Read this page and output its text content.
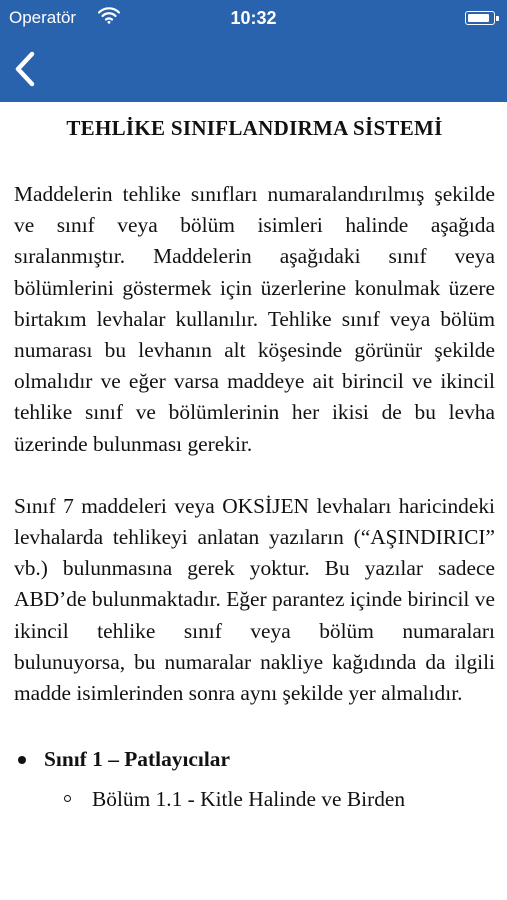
Operatör	10:32
TEHLİKE SINIFLANDIRMA SİSTEMİ

Maddelerin tehlike sınıfları numaralandırılmış şekilde ve sınıf veya bölüm isimleri halinde aşağıda sıralanmıştır. Maddelerin aşağıdaki sınıf veya bölümlerini göstermek için üzerlerine konulmak üzere birtakım levhalar kullanılır. Tehlike sınıf veya bölüm numarası bu levhanın alt köşesinde görünür şekilde olmalıdır ve eğer varsa maddeye ait birincil ve ikincil tehlike sınıf ve bölümlerinin her ikisi de bu levha üzerinde bulunması gerekir.

Sınıf 7 maddeleri veya OKSİJEN levhaları haricindeki levhalarda tehlikeyi anlatan yazıların (“AŞINDIRICI” vb.) bulunmasına gerek yoktur. Bu yazılar sadece ABD’de bulunmaktadır. Eğer parantez içinde birincil ve ikincil tehlike sınıf veya bölüm numaraları bulunuyorsa, bu numaralar nakliye kağıdında da ilgili madde isimlerinden sonra aynı şekilde yer almalıdır.

Sınıf 1 – Patlayıcılar
Bölüm 1.1 - Kitle Halinde ve Birden
